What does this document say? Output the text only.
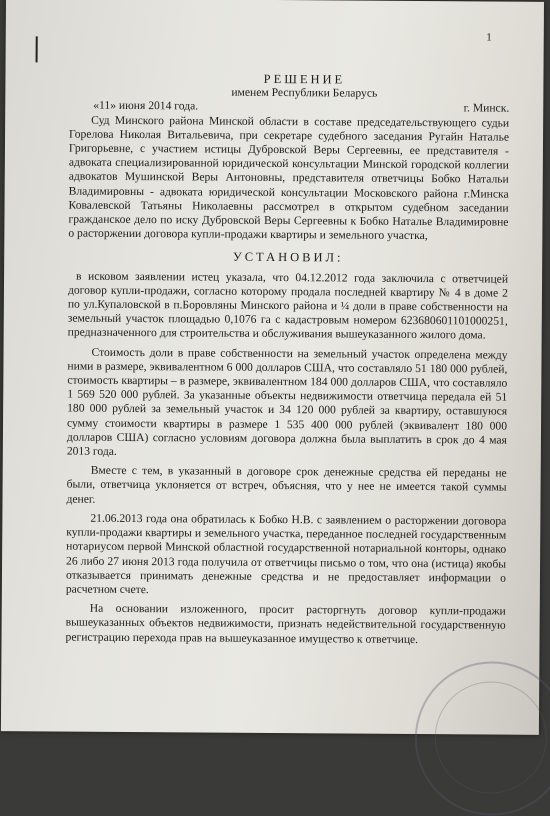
1
РЕШЕНИЕ
именем Республики Беларусь
«11» июня 2014 года.	г. Минск.

Суд Минского района Минской области в составе председательствующего судьи Горелова Николая Витальевича, при секретаре судебного заседания Ругайн Наталье Григорьевне, с участием истицы Дубровской Веры Сергеевны, ее представителя - адвоката специализированной юридической консультации Минской городской коллегии адвокатов Мушинской Веры Антоновны, представителя ответчицы Бобко Натальи Владимировны - адвоката юридической консультации Московского района г.Минска Ковалевской Татьяны Николаевны рассмотрел в открытом судебном заседании гражданское дело по иску Дубровской Веры Сергеевны к Бобко Наталье Владимировне о расторжении договора купли-продажи квартиры и земельного участка,

УСТАНОВИЛ:

в исковом заявлении истец указала, что 04.12.2012 года заключила с ответчицей договор купли-продажи, согласно которому продала последней квартиру № 4 в доме 2 по ул.Купаловской в п.Боровляны Минского района и ¼ доли в праве собственности на земельный участок площадью 0,1076 га с кадастровым номером 623680601101000251, предназначенного для строительства и обслуживания вышеуказанного жилого дома.

Стоимость доли в праве собственности на земельный участок определена между ними в размере, эквивалентном 6 000 долларов США, что составляло 51 180 000 рублей, стоимость квартиры – в размере, эквивалентном 184 000 долларов США, что составляло 1 569 520 000 рублей. За указанные объекты недвижимости ответчица передала ей 51 180 000 рублей за земельный участок и 34 120 000 рублей за квартиру, оставшуюся сумму стоимости квартиры в размере 1 535 400 000 рублей (эквивалент 180 000 долларов США) согласно условиям договора должна была выплатить в срок до 4 мая 2013 года.

Вместе с тем, в указанный в договоре срок денежные средства ей переданы не были, ответчица уклоняется от встреч, объясняя, что у нее не имеется такой суммы денег.

21.06.2013 года она обратилась к Бобко Н.В. с заявлением о расторжении договора купли-продажи квартиры и земельного участка, переданное последней государственным нотариусом первой Минской областной государственной нотариальной конторы, однако 26 либо 27 июня 2013 года получила от ответчицы письмо о том, что она (истица) якобы отказывается принимать денежные средства и не предоставляет информации о расчетном счете.

На основании изложенного, просит расторгнуть договор купли-продажи вышеуказанных объектов недвижимости, признать недействительной государственную регистрацию перехода прав на вышеуказанное имущество к ответчице.
